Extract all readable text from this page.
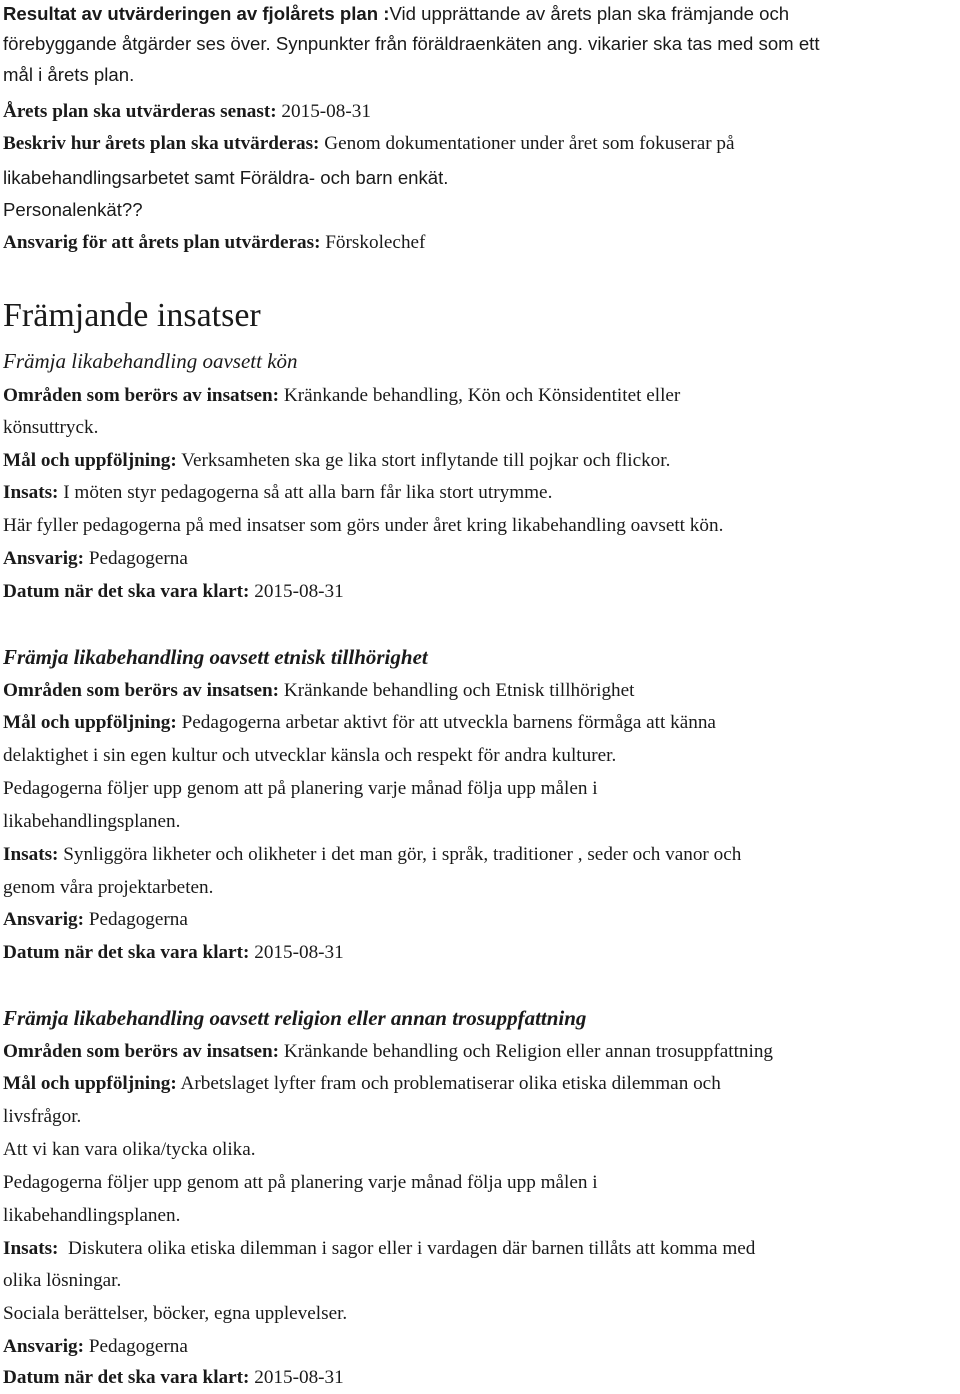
Resultat av utvärderingen av fjolårets plan :Vid upprättande av årets plan ska främjande och

förebyggande åtgärder ses över. Synpunkter från föräldraenkäten ang. vikarier ska tas med som ett

mål i årets plan.

Årets plan ska utvärderas senast: 2015-08-31

Beskriv hur årets plan ska utvärderas: Genom dokumentationer under året som fokuserar på

likabehandlingsarbetet samt Föräldra- och barn enkät.

Personalenkät??

Ansvarig för att årets plan utvärderas: Förskolechef

Främjande insatser

Främja likabehandling oavsett kön

Områden som berörs av insatsen: Kränkande behandling, Kön och Könsidentitet eller

könsuttryck.

Mål och uppföljning: Verksamheten ska ge lika stort inflytande till pojkar och flickor.

Insats: I möten styr pedagogerna så att alla barn får lika stort utrymme.

Här fyller pedagogerna på med insatser som görs under året kring likabehandling oavsett kön.

Ansvarig: Pedagogerna

Datum när det ska vara klart: 2015-08-31

Främja likabehandling oavsett etnisk tillhörighet

Områden som berörs av insatsen: Kränkande behandling och Etnisk tillhörighet

Mål och uppföljning: Pedagogerna arbetar aktivt för att utveckla barnens förmåga att känna

delaktighet i sin egen kultur och utvecklar känsla och respekt för andra kulturer.

Pedagogerna följer upp genom att på planering varje månad följa upp målen i

likabehandlingsplanen.

Insats: Synliggöra likheter och olikheter i det man gör, i språk, traditioner , seder och vanor och

genom våra projektarbeten.

Ansvarig: Pedagogerna

Datum när det ska vara klart: 2015-08-31

Främja likabehandling oavsett religion eller annan trosuppfattning

Områden som berörs av insatsen: Kränkande behandling och Religion eller annan trosuppfattning

Mål och uppföljning: Arbetslaget lyfter fram och problematiserar olika etiska dilemman och

livsfrågor.

Att vi kan vara olika/tycka olika.

Pedagogerna följer upp genom att på planering varje månad följa upp målen i

likabehandlingsplanen.

Insats: Diskutera olika etiska dilemman i sagor eller i vardagen där barnen tillåts att komma med

olika lösningar.

Sociala berättelser, böcker, egna upplevelser.

Ansvarig: Pedagogerna

Datum när det ska vara klart: 2015-08-31
